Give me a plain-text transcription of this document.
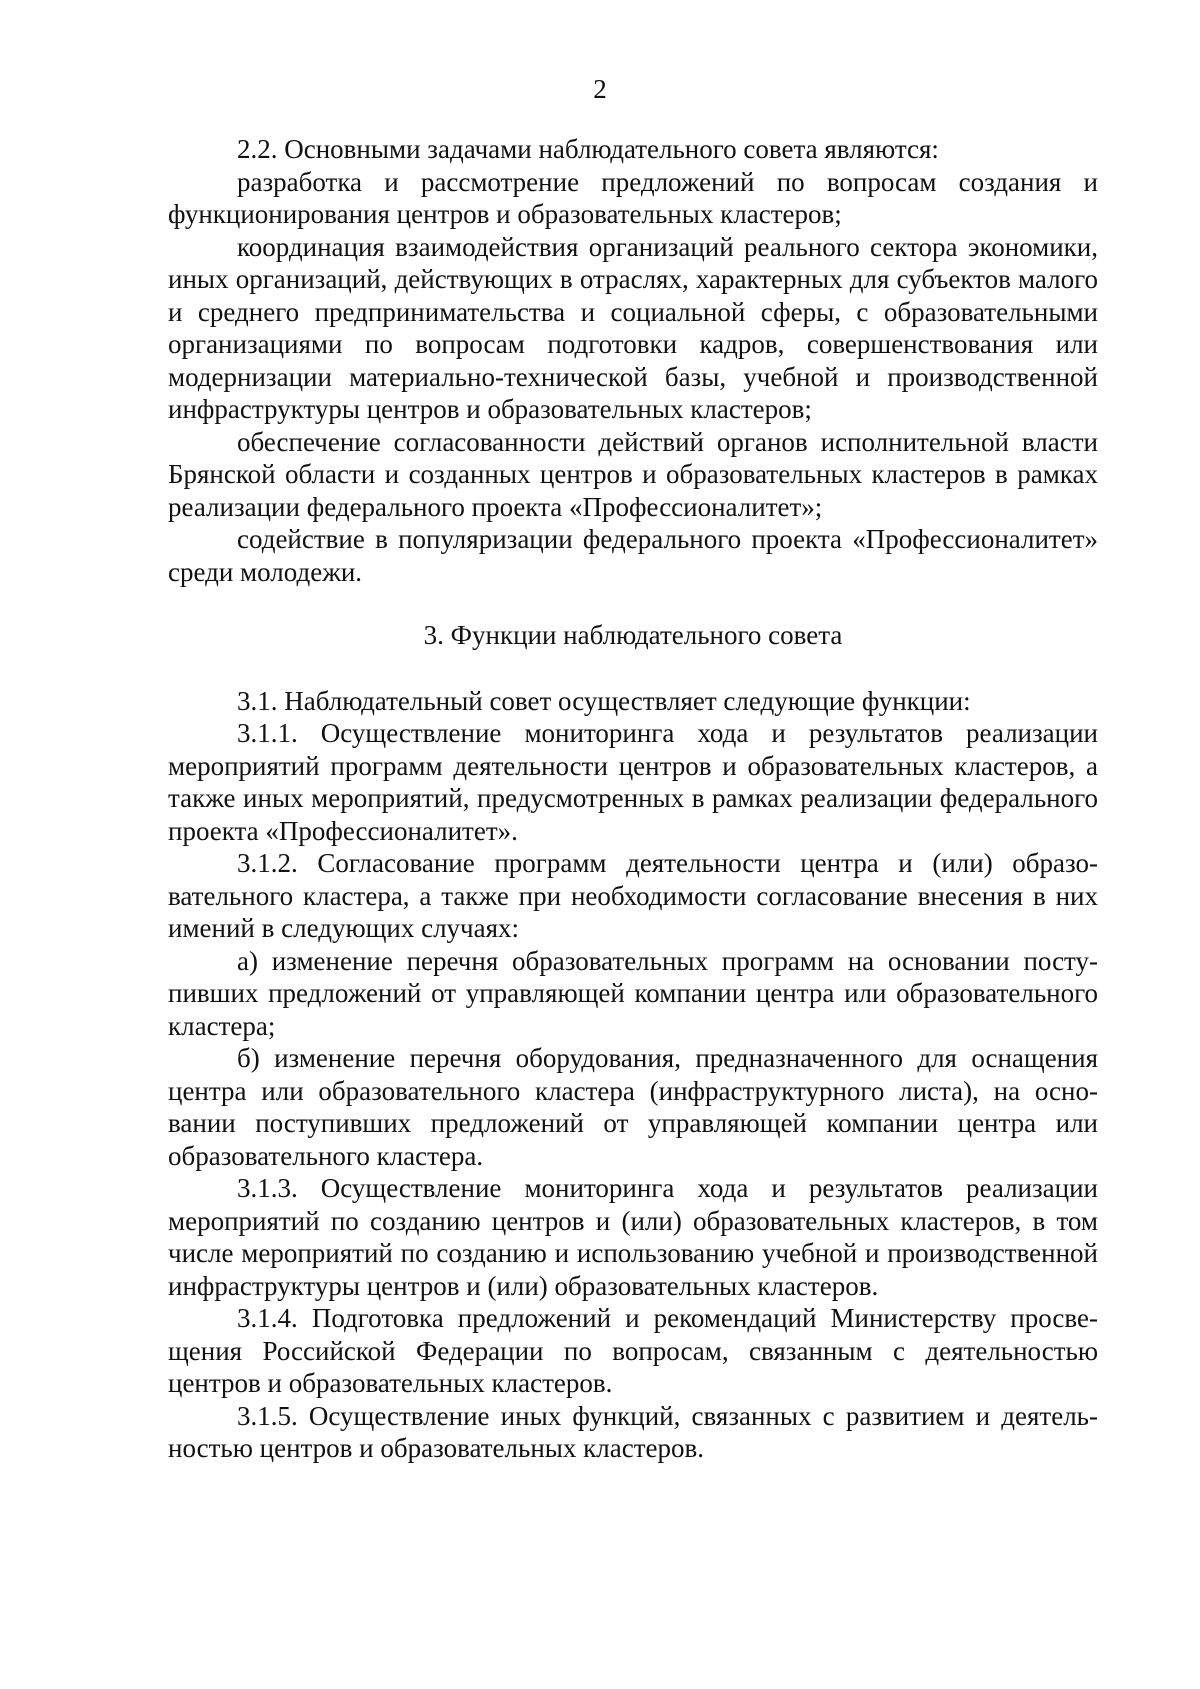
2

2.2. Основными задачами наблюдательного совета являются:

разработка и рассмотрение предложений по вопросам создания и функционирования центров и образовательных кластеров;

координация взаимодействия организаций реального сектора экономики, иных организаций, действующих в отраслях, характерных для субъектов малого и среднего предпринимательства и социальной сферы, с образовательными организациями по вопросам подготовки кадров, совершенствования или модернизации материально-технической базы, учебной и производственной инфраструктуры центров и образовательных кластеров;

обеспечение согласованности действий органов исполнительной власти Брянской области и созданных центров и образовательных кластеров в рамках реализации федерального проекта «Профессионалитет»;

содействие в популяризации федерального проекта «Профессионалитет» среди молодежи.

3. Функции наблюдательного совета

3.1. Наблюдательный совет осуществляет следующие функции:

3.1.1. Осуществление мониторинга хода и результатов реализации мероприятий программ деятельности центров и образовательных кластеров, а также иных мероприятий, предусмотренных в рамках реализации федерального проекта «Профессионалитет».

3.1.2. Согласование программ деятельности центра и (или) образовательного кластера, а также при необходимости согласование внесения в них имений в следующих случаях:

а) изменение перечня образовательных программ на основании поступивших предложений от управляющей компании центра или образовательного кластера;

б) изменение перечня оборудования, предназначенного для оснащения центра или образовательного кластера (инфраструктурного листа), на основании поступивших предложений от управляющей компании центра или образовательного кластера.

3.1.3. Осуществление мониторинга хода и результатов реализации мероприятий по созданию центров и (или) образовательных кластеров, в том числе мероприятий по созданию и использованию учебной и производственной инфраструктуры центров и (или) образовательных кластеров.

3.1.4. Подготовка предложений и рекомендаций Министерству просвещения Российской Федерации по вопросам, связанным с деятельностью центров и образовательных кластеров.

3.1.5. Осуществление иных функций, связанных с развитием и деятельностью центров и образовательных кластеров.
